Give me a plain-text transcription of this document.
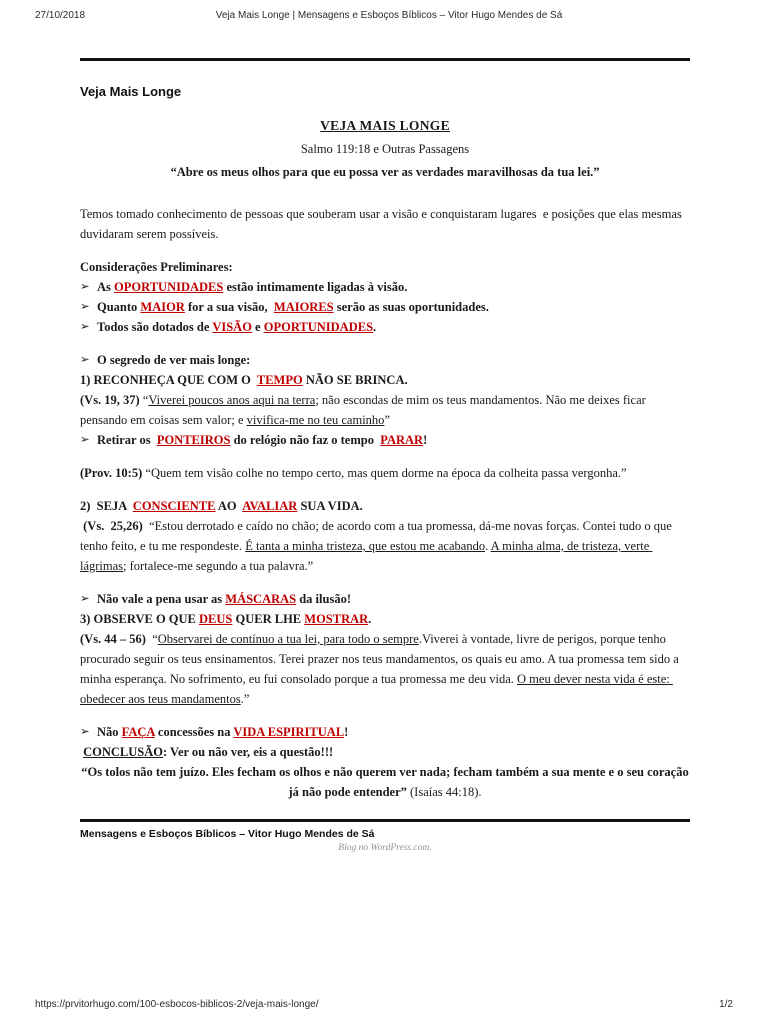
27/10/2018	Veja Mais Longe | Mensagens e Esboços Bíblicos – Vitor Hugo Mendes de Sá
Veja Mais Longe
VEJA MAIS LONGE
Salmo 119:18 e Outras Passagens
“Abre os meus olhos para que eu possa ver as verdades maravilhosas da tua lei.”
Temos tomado conhecimento de pessoas que souberam usar a visão e conquistaram lugares  e posições que elas mesmas duvidaram serem possíveis.
Considerações Preliminares:
➢ As OPORTUNIDADES estão intimamente ligadas à visão.
➢ Quanto MAIOR for a sua visão,  MAIORES serão as suas oportunidades.
➢ Todos são dotados de VISÃO e OPORTUNIDADES.
➢ O segredo de ver mais longe:
1) RECONHEÇA QUE COM O  TEMPO NÃO SE BRINCA.
(Vs. 19, 37) “Viverei poucos anos aqui na terra; não escondas de mim os teus mandamentos. Não me deixes ficar pensando em coisas sem valor; e vivifica-me no teu caminho”
➢ Retirar os  PONTEIROS do relógio não faz o tempo  PARAR!
(Prov. 10:5) “Quem tem visão colhe no tempo certo, mas quem dorme na época da colheita passa vergonha.”
2)  SEJA  CONSCIENTE AO  AVALIAR SUA VIDA.
(Vs.  25,26)  “Estou derrotado e caído no chão; de acordo com a tua promessa, dá-me novas forças. Contei tudo o que tenho feito, e tu me respondeste. É tanta a minha tristeza, que estou me acabando. A minha alma, de tristeza, verte lágrimas; fortalece-me segundo a tua palavra.”
➢ Não vale a pena usar as MÁSCARAS da ilusão!
3) OBSERVE O QUE DEUS QUER LHE MOSTRAR.
(Vs. 44 – 56)  “Observarei de contínuo a tua lei, para todo o sempre.Viverei à vontade, livre de perigos, porque tenho procurado seguir os teus ensinamentos. Terei prazer nos teus mandamentos, os quais eu amo. A tua promessa tem sido a minha esperança. No sofrimento, eu fui consolado porque a tua promessa me deu vida. O meu dever nesta vida é este: obedecer aos teus mandamentos.”
➢ Não FAÇA concessões na VIDA ESPIRITUAL!
CONCLUSÃO: Ver ou não ver, eis a questão!!!
“Os tolos não tem juízo. Eles fecham os olhos e não querem ver nada; fecham também a sua mente e o seu coração já não pode entender” (Isaías 44:18).
Mensagens e Esboços Bíblicos – Vitor Hugo Mendes de Sá
Blog no WordPress.com.
https://prvitorhugo.com/100-esbocos-biblicos-2/veja-mais-longe/	1/2
